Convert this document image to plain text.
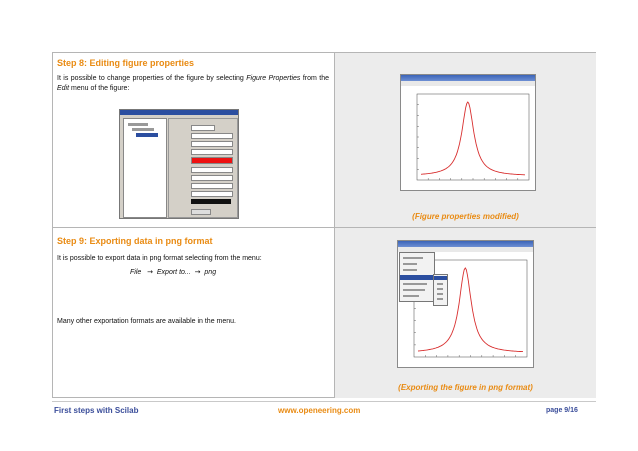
Step 8: Editing figure properties
It is possible to change properties of the figure by selecting Figure Properties from the Edit menu of the figure:
(Figure properties modified)
Step 9: Exporting data in png format
It is possible to export data in png format selecting from the menu:
File → Export to... → png
Many other exportation formats are available in the menu.
(Exporting the figure in png format)
First steps with Scilab	www.openeering.com	page 9/16
